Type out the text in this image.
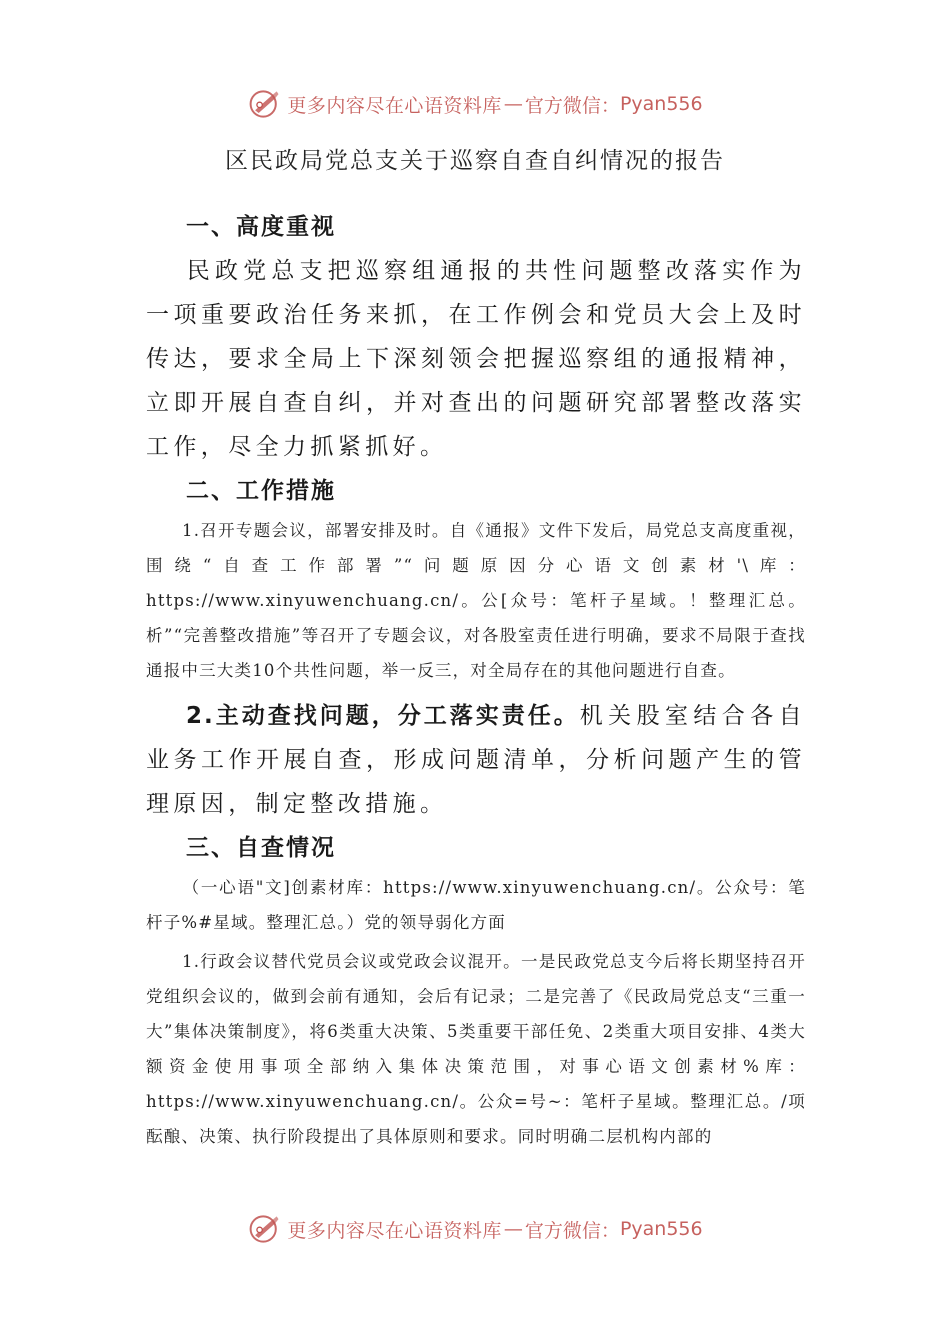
更多内容尽在心语资料库 — 官方微信： Pyan556
区民政局党总支关于巡察自查自纠情况的报告
一、高度重视
民政党总支把巡察组通报的共性问题整改落实作为一项重要政治任务来抓，在工作例会和党员大会上及时传达，要求全局上下深刻领会把握巡察组的通报精神，立即开展自查自纠，并对查出的问题研究部署整改落实工作，尽全力抓紧抓好。
二、工作措施
1.召开专题会议，部署安排及时。自《通报》文件下发后，局党总支高度重视，围绕“自查工作部署”“问题原因分心语文创素材'\库：https://www.xinyuwenchuang.cn/。公[众号：笔杆子星域。！整理汇总。析”“完善整改措施”等召开了专题会议，对各股室责任进行明确，要求不局限于查找通报中三大类10个共性问题，举一反三，对全局存在的其他问题进行自查。
2.主动查找问题，分工落实责任。机关股室结合各自业务工作开展自查，形成问题清单，分析问题产生的管理原因，制定整改措施。
三、自查情况
（一心语"文]创素材库：https://www.xinyuwenchuang.cn/。公众号：笔杆子%#星域。整理汇总。）党的领导弱化方面
1.行政会议替代党员会议或党政会议混开。一是民政党总支今后将长期坚持召开党组织会议的，做到会前有通知，会后有记录；二是完善了《民政局党总支“三重一大”集体决策制度》，将6类重大决策、5类重要干部任免、2类重大项目安排、4类大额资金使用事项全部纳入集体决策范围，对事心语文创素材%库：https://www.xinyuwenchuang.cn/。公众=号~：笔杆子星域。整理汇总。/项酝酿、决策、执行阶段提出了具体原则和要求。同时明确二层机构内部的
更多内容尽在心语资料库 — 官方微信： Pyan556
